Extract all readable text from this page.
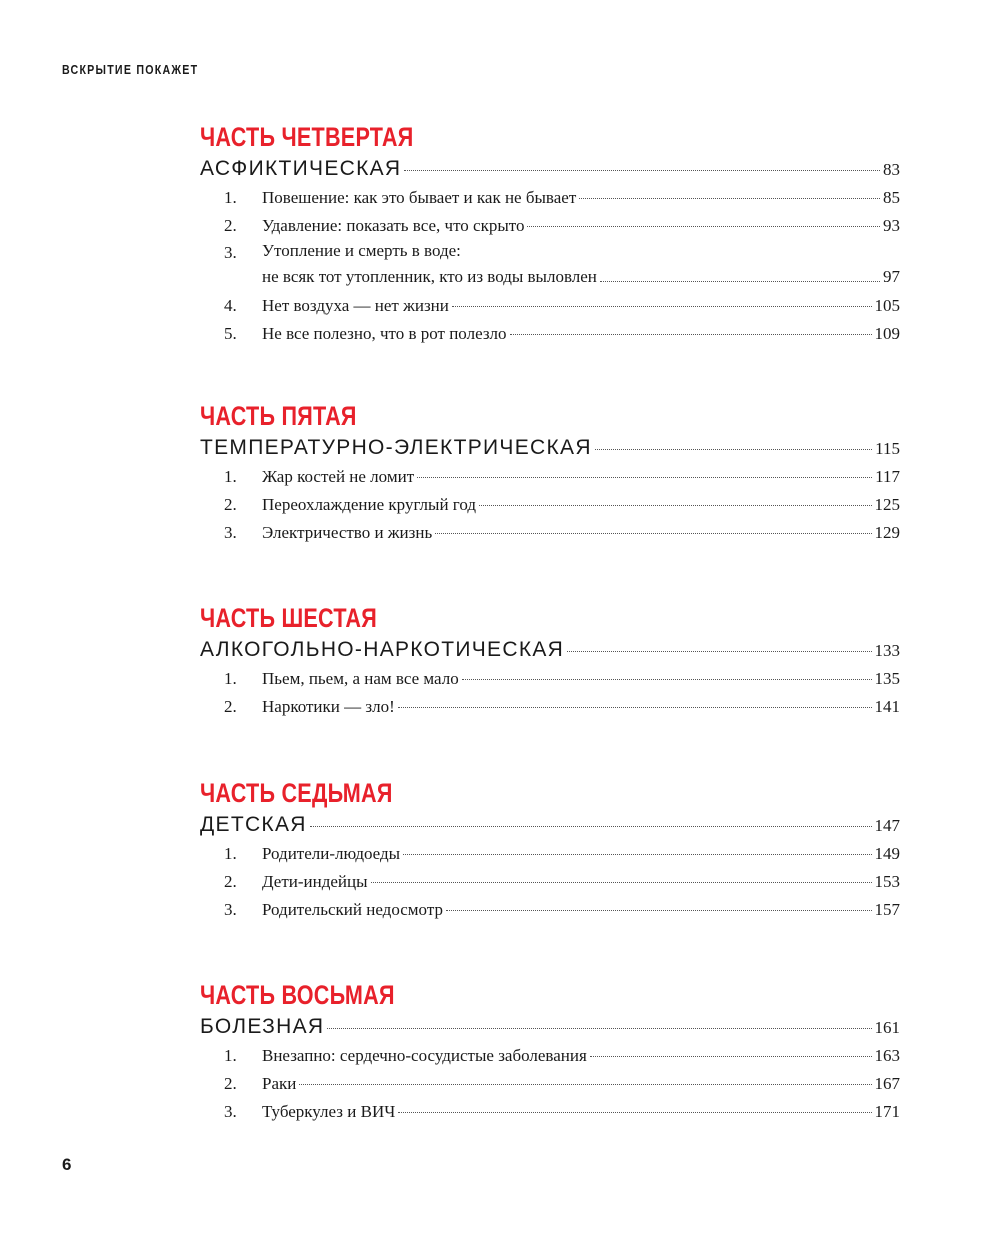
ВСКРЫТИЕ ПОКАЖЕТ
ЧАСТЬ ЧЕТВЕРТАЯ
АСФИКТИЧЕСКАЯ	83
1.	Повешение: как это бывает и как не бывает	85
2.	Удавление: показать все, что скрыто	93
3.	Утопление и смерть в воде:
не всяк тот утопленник, кто из воды выловлен	97
4.	Нет воздуха — нет жизни	105
5.	Не все полезно, что в рот полезло	109
ЧАСТЬ ПЯТАЯ
ТЕМПЕРАТУРНО-ЭЛЕКТРИЧЕСКАЯ	115
1.	Жар костей не ломит	117
2.	Переохлаждение круглый год	125
3.	Электричество и жизнь	129
ЧАСТЬ ШЕСТАЯ
АЛКОГОЛЬНО-НАРКОТИЧЕСКАЯ	133
1.	Пьем, пьем, а нам все мало	135
2.	Наркотики — зло!	141
ЧАСТЬ СЕДЬМАЯ
ДЕТСКАЯ	147
1.	Родители-людоеды	149
2.	Дети-индейцы	153
3.	Родительский недосмотр	157
ЧАСТЬ ВОСЬМАЯ
БОЛЕЗНАЯ	161
1.	Внезапно: сердечно-сосудистые заболевания	163
2.	Раки	167
3.	Туберкулез и ВИЧ	171
6
